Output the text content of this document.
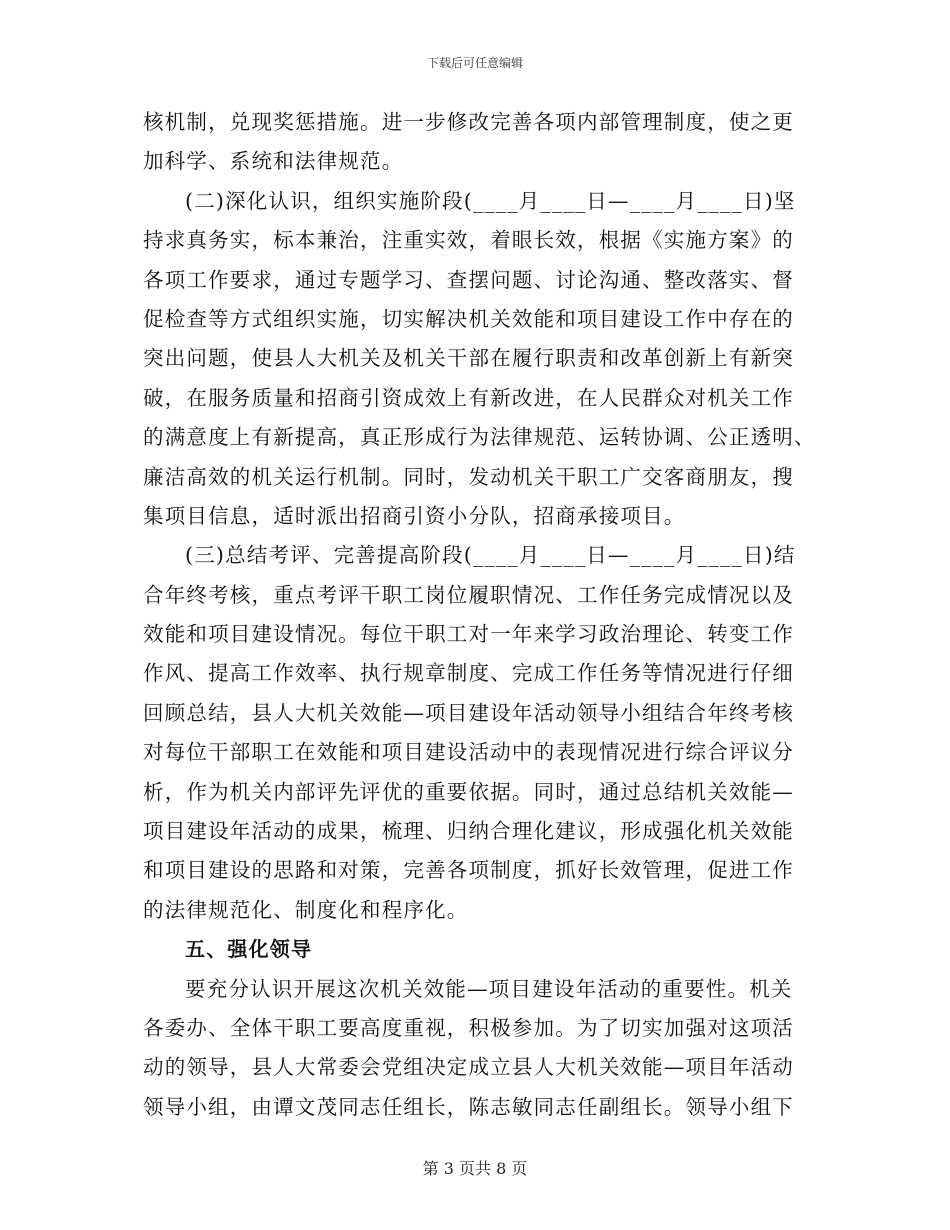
下载后可任意编辑
核机制，兑现奖惩措施。进一步修改完善各项内部管理制度，使之更
加科学、系统和法律规范。
(二)深化认识，组织实施阶段(____月____日—____月____日)坚
持求真务实，标本兼治，注重实效，着眼长效，根据《实施方案》的
各项工作要求，通过专题学习、查摆问题、讨论沟通、整改落实、督
促检查等方式组织实施，切实解决机关效能和项目建设工作中存在的
突出问题，使县人大机关及机关干部在履行职责和改革创新上有新突
破，在服务质量和招商引资成效上有新改进，在人民群众对机关工作
的满意度上有新提高，真正形成行为法律规范、运转协调、公正透明、
廉洁高效的机关运行机制。同时，发动机关干职工广交客商朋友，搜
集项目信息，适时派出招商引资小分队，招商承接项目。
(三)总结考评、完善提高阶段(____月____日—____月____日)结
合年终考核，重点考评干职工岗位履职情况、工作任务完成情况以及
效能和项目建设情况。每位干职工对一年来学习政治理论、转变工作
作风、提高工作效率、执行规章制度、完成工作任务等情况进行仔细
回顾总结，县人大机关效能—项目建设年活动领导小组结合年终考核
对每位干部职工在效能和项目建设活动中的表现情况进行综合评议分
析，作为机关内部评先评优的重要依据。同时，通过总结机关效能—
项目建设年活动的成果，梳理、归纳合理化建议，形成强化机关效能
和项目建设的思路和对策，完善各项制度，抓好长效管理，促进工作
的法律规范化、制度化和程序化。
五、强化领导
要充分认识开展这次机关效能—项目建设年活动的重要性。机关
各委办、全体干职工要高度重视，积极参加。为了切实加强对这项活
动的领导，县人大常委会党组决定成立县人大机关效能—项目年活动
领导小组，由谭文茂同志任组长，陈志敏同志任副组长。领导小组下
第 3 页共 8 页
